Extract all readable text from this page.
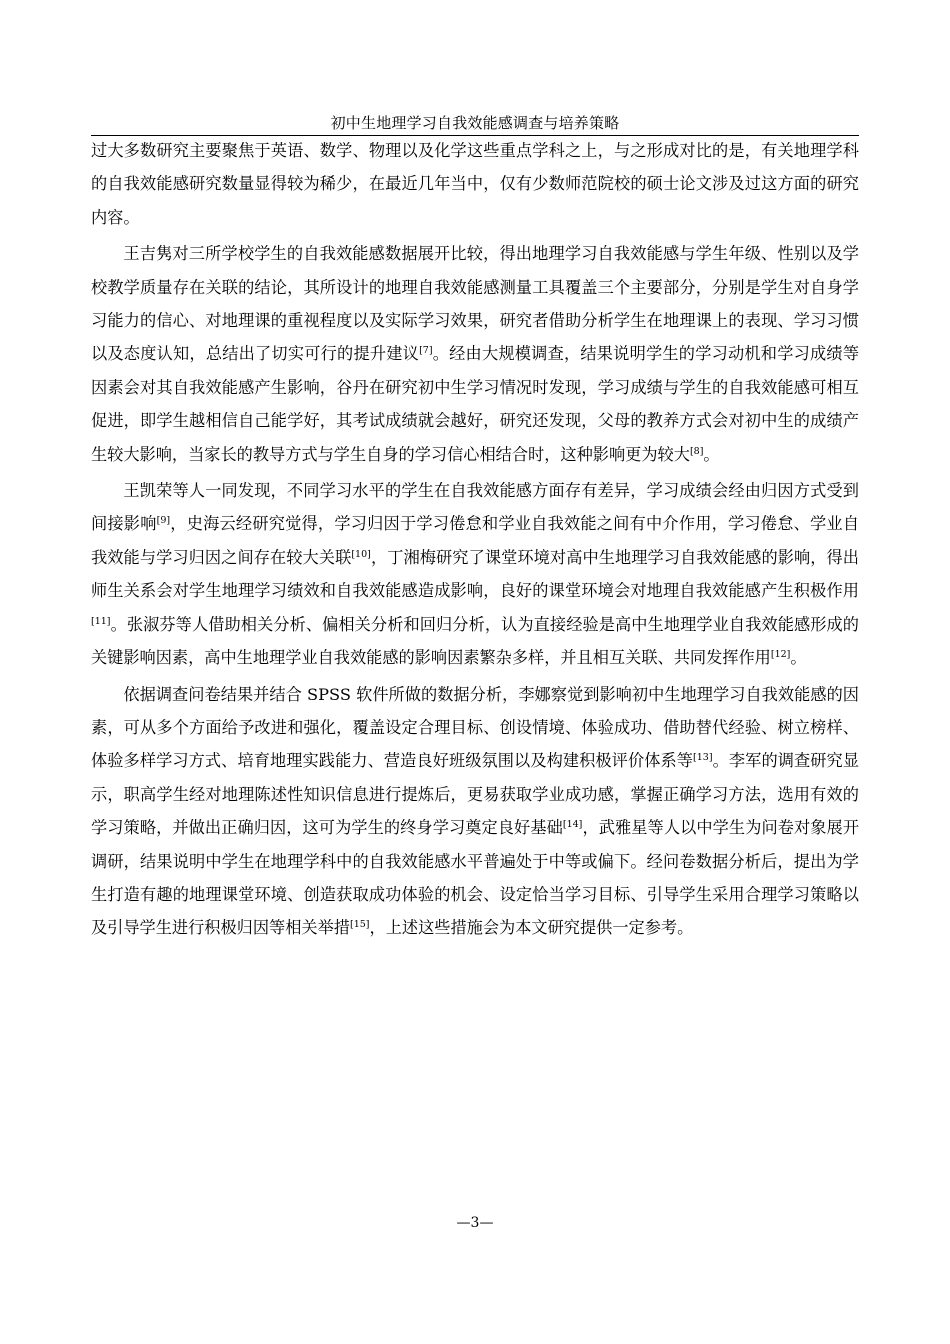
初中生地理学习自我效能感调查与培养策略

过大多数研究主要聚焦于英语、数学、物理以及化学这些重点学科之上，与之形成对比的是，有关地理学科的自我效能感研究数量显得较为稀少，在最近几年当中，仅有少数师范院校的硕士论文涉及过这方面的研究内容。

王吉隽对三所学校学生的自我效能感数据展开比较，得出地理学习自我效能感与学生年级、性别以及学校教学质量存在关联的结论，其所设计的地理自我效能感测量工具覆盖三个主要部分，分别是学生对自身学习能力的信心、对地理课的重视程度以及实际学习效果，研究者借助分析学生在地理课上的表现、学习习惯以及态度认知，总结出了切实可行的提升建议[7]。经由大规模调查，结果说明学生的学习动机和学习成绩等因素会对其自我效能感产生影响，谷丹在研究初中生学习情况时发现，学习成绩与学生的自我效能感可相互促进，即学生越相信自己能学好，其考试成绩就会越好，研究还发现，父母的教养方式会对初中生的成绩产生较大影响，当家长的教导方式与学生自身的学习信心相结合时，这种影响更为较大[8]。

王凯荣等人一同发现，不同学习水平的学生在自我效能感方面存有差异，学习成绩会经由归因方式受到间接影响[9]，史海云经研究觉得，学习归因于学习倦怠和学业自我效能之间有中介作用，学习倦怠、学业自我效能与学习归因之间存在较大关联[10]，丁湘梅研究了课堂环境对高中生地理学习自我效能感的影响，得出师生关系会对学生地理学习绩效和自我效能感造成影响，良好的课堂环境会对地理自我效能感产生积极作用[11]。张淑芬等人借助相关分析、偏相关分析和回归分析，认为直接经验是高中生地理学业自我效能感形成的关键影响因素，高中生地理学业自我效能感的影响因素繁杂多样，并且相互关联、共同发挥作用[12]。

依据调查问卷结果并结合 SPSS 软件所做的数据分析，李娜察觉到影响初中生地理学习自我效能感的因素，可从多个方面给予改进和强化，覆盖设定合理目标、创设情境、体验成功、借助替代经验、树立榜样、体验多样学习方式、培育地理实践能力、营造良好班级氛围以及构建积极评价体系等[13]。李军的调查研究显示，职高学生经对地理陈述性知识信息进行提炼后，更易获取学业成功感，掌握正确学习方法，选用有效的学习策略，并做出正确归因，这可为学生的终身学习奠定良好基础[14]，武雅星等人以中学生为问卷对象展开调研，结果说明中学生在地理学科中的自我效能感水平普遍处于中等或偏下。经问卷数据分析后，提出为学生打造有趣的地理课堂环境、创造获取成功体验的机会、设定恰当学习目标、引导学生采用合理学习策略以及引导学生进行积极归因等相关举措[15]，上述这些措施会为本文研究提供一定参考。

—3—
